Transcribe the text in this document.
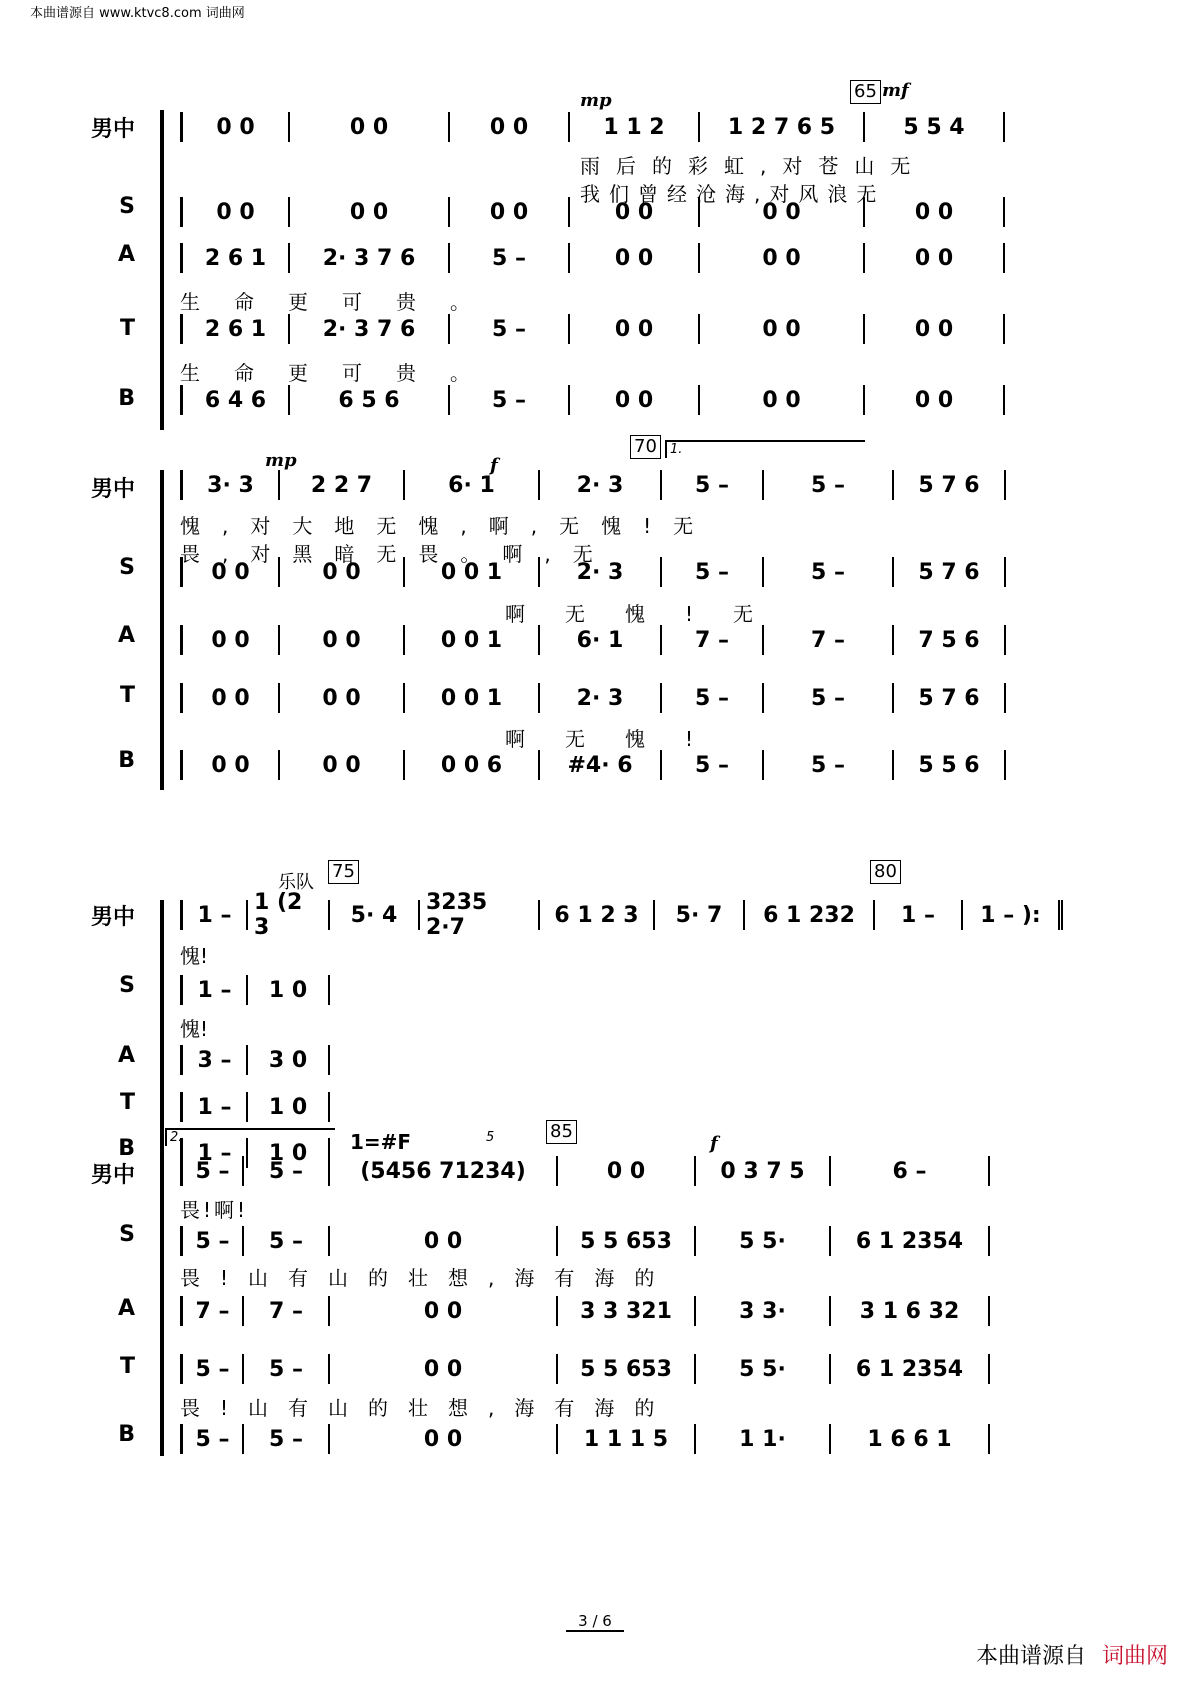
本曲谱源自 www.ktvc8.com 词曲网
65
mp	mf
男中	0 0	0 0	0 0	1 1 2	1 2 7 6 5	5 5 4
雨后的彩虹,对苍山无
我们曾经沧海,对风浪无
S	0 0	0 0	0 0	0 0	0 0	0 0
A	2 6 1	2· 3 7 6	5 –	0 0	0 0	0 0
生命更可贵。
T	2 6 1	2· 3 7 6	5 –	0 0	0 0	0 0
生命更可贵。
B	6 4 6	6 5 6	5 –	0 0	0 0	0 0
70	1.
mp	f
男中	3· 3	2 2 7	6· 1	2· 3	5 –	5 –	5 7 6
愧,对大地无愧,啊,无愧!无
畏,对黑暗无畏。啊,无
S	0 0	0 0	0 0 1	2· 3	5 –	5 –	5 7 6
啊无愧!无
A	0 0	0 0	0 0 1	6· 1	7 –	7 –	7 5 6
T	0 0	0 0	0 0 1	2· 3	5 –	5 –	5 7 6
啊无愧!
B	0 0	0 0	0 0 6	#4· 6	5 –	5 –	5 5 6
乐队
75	80
男中	1 –	1 (2 3	5· 4	3235 2·7	6 1 2 3	5· 7	6 1 232	1 –	1 – ):
愧!
S	1 –	1 0
愧!
A	3 –	3 0
T	1 –	1 0
B	1 –	1 0
2.	1=#F	5	85
f
男中	5 –	5 –	(5456 71234)	0 0	0 3 7 5	6 –
畏!啊!
S	5 –	5 –	0 0	5 5 653	5 5·	6 1 2354
畏!山有山的壮想,海有海的
A	7 –	7 –	0 0	3 3 321	3 3·	3 1 6 32
T	5 –	5 –	0 0	5 5 653	5 5·	6 1 2354
畏!山有山的壮想,海有海的
B	5 –	5 –	0 0	1 1 1 5	1 1·	1 6 6 1
3 / 6
本曲谱源自 词曲网
